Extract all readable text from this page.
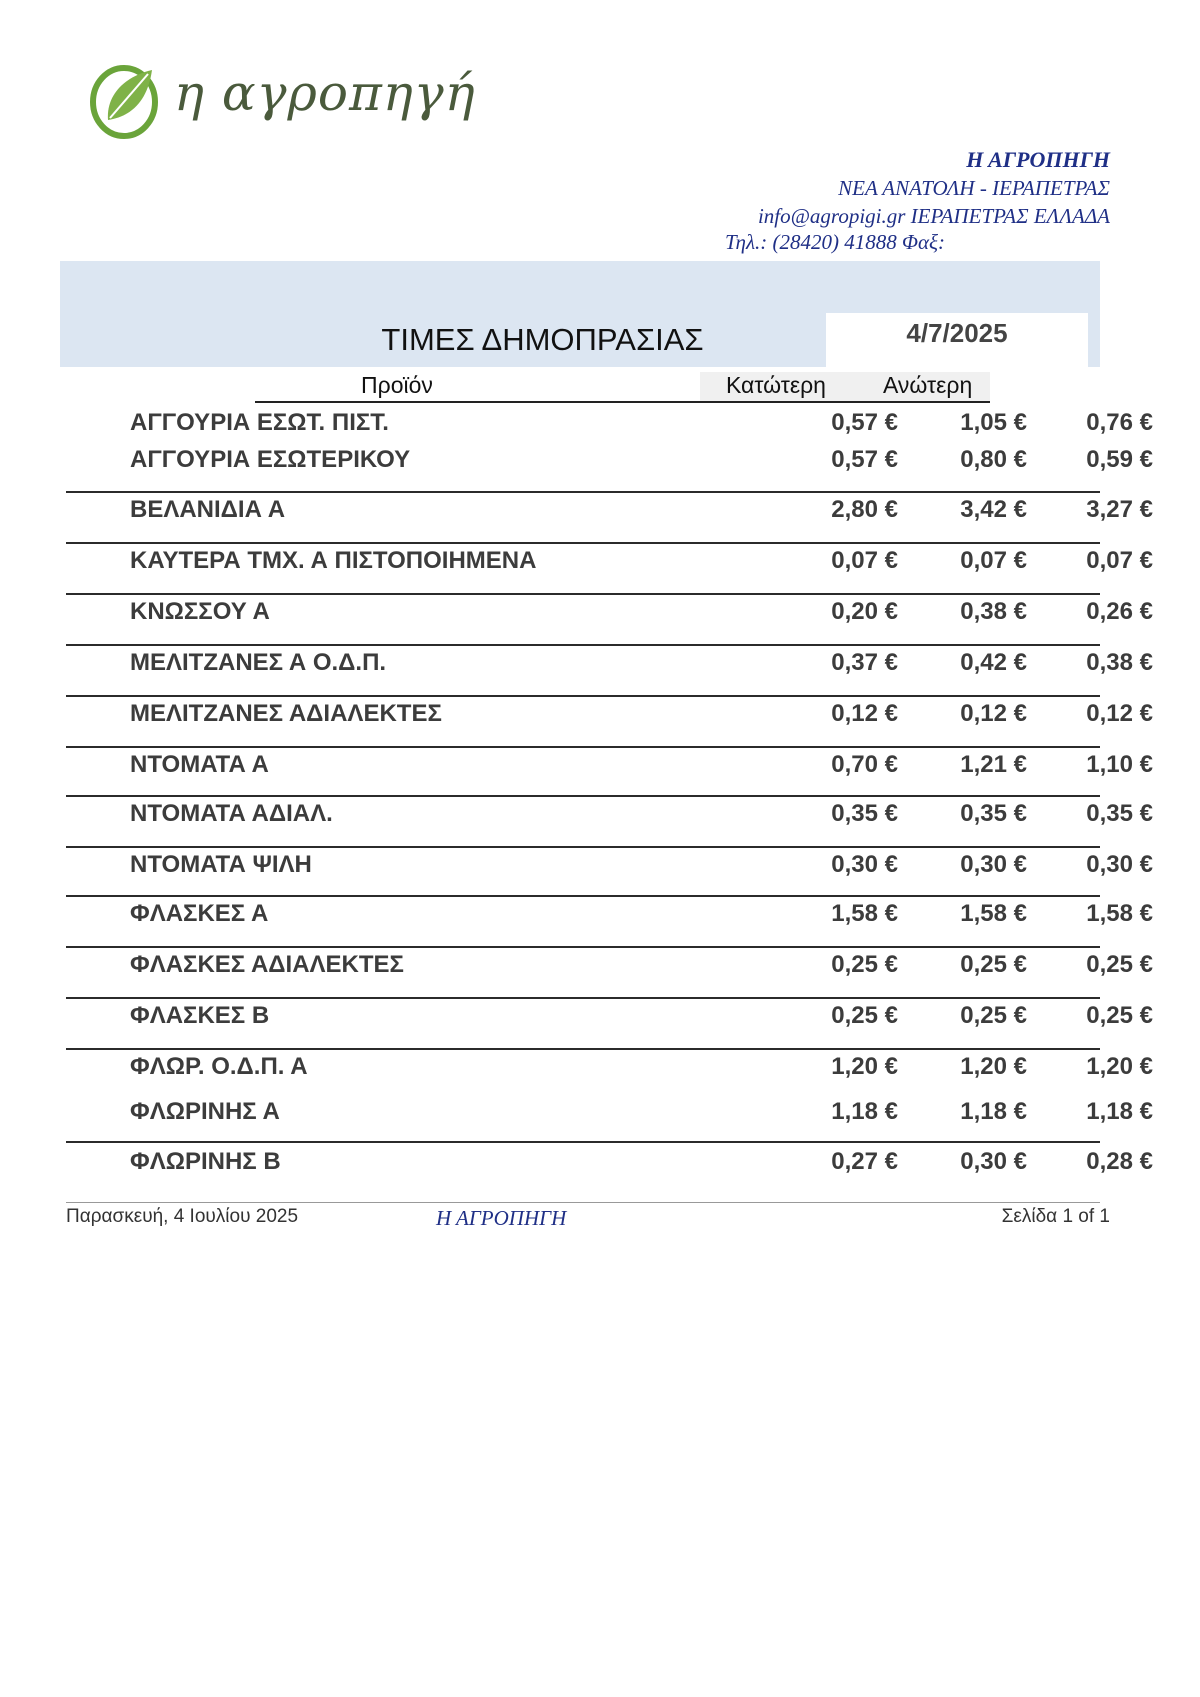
η αγροπηγή
Η ΑΓΡΟΠΗΓΗ
ΝΕΑ ΑΝΑΤΟΛΗ - ΙΕΡΑΠΕΤΡΑΣ
info@agropigi.gr ΙΕΡΑΠΕΤΡΑΣ ΕΛΛΑΔΑ
Τηλ.: (28420) 41888 Φαξ:
4/7/2025
ΤΙΜΕΣ ΔΗΜΟΠΡΑΣΙΑΣ
Προϊόν	Κατώτερη Ανώτερη
ΑΓΓΟΥΡΙΑ ΕΣΩΤ. ΠΙΣΤ.	0,57 €	1,05 €	0,76 €
ΑΓΓΟΥΡΙΑ ΕΣΩΤΕΡΙΚΟΥ	0,57 €	0,80 €	0,59 €
ΒΕΛΑΝΙΔΙΑ Α	2,80 €	3,42 €	3,27 €
ΚΑΥΤΕΡΑ ΤΜΧ. Α ΠΙΣΤΟΠΟΙΗΜΕΝΑ	0,07 €	0,07 €	0,07 €
ΚΝΩΣΣΟΥ Α	0,20 €	0,38 €	0,26 €
ΜΕΛΙΤΖΑΝΕΣ Α Ο.Δ.Π.	0,37 €	0,42 €	0,38 €
ΜΕΛΙΤΖΑΝΕΣ ΑΔΙΑΛΕΚΤΕΣ	0,12 €	0,12 €	0,12 €
ΝΤΟΜΑΤΑ Α	0,70 €	1,21 €	1,10 €
ΝΤΟΜΑΤΑ ΑΔΙΑΛ.	0,35 €	0,35 €	0,35 €
ΝΤΟΜΑΤΑ ΨΙΛΗ	0,30 €	0,30 €	0,30 €
ΦΛΑΣΚΕΣ Α	1,58 €	1,58 €	1,58 €
ΦΛΑΣΚΕΣ ΑΔΙΑΛΕΚΤΕΣ	0,25 €	0,25 €	0,25 €
ΦΛΑΣΚΕΣ Β	0,25 €	0,25 €	0,25 €
ΦΛΩΡ. Ο.Δ.Π. Α	1,20 €	1,20 €	1,20 €
ΦΛΩΡΙΝΗΣ Α	1,18 €	1,18 €	1,18 €
ΦΛΩΡΙΝΗΣ Β	0,27 €	0,30 €	0,28 €
Παρασκευή, 4 Ιουλίου 2025	Η ΑΓΡΟΠΗΓΗ	Σελίδα 1 of 1
